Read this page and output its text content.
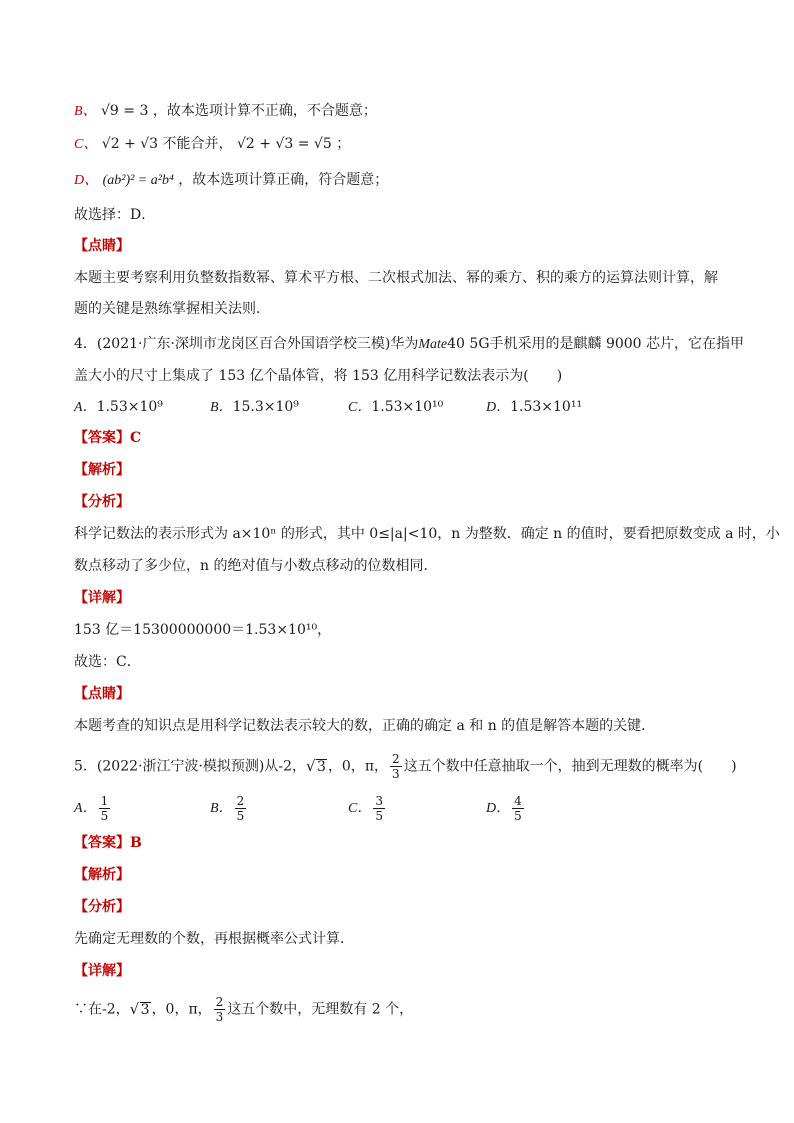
B、 √9 = 3 ，故本选项计算不正确，不合题意；
C、 √2 + √3 不能合并， √2 + √3 = √5 ；
D、 (ab²)² = a²b⁴ ，故本选项计算正确，符合题意；
故选择：D．
【点睛】
本题主要考察利用负整数指数幂、算术平方根、二次根式加法、幂的乘方、积的乘方的运算法则计算，解
题的关键是熟练掌握相关法则．
4．(2021·广东·深圳市龙岗区百合外国语学校三模)华为Mate40 5G手机采用的是麒麟 9000 芯片，它在指甲
盖大小的尺寸上集成了 153 亿个晶体管，将 153 亿用科学记数法表示为(　　)
A．1.53×10⁹	B．15.3×10⁹	C．1.53×10¹⁰	D．1.53×10¹¹
【答案】C
【解析】
【分析】
科学记数法的表示形式为 a×10ⁿ 的形式，其中 0≤|a|<10，n 为整数．确定 n 的值时，要看把原数变成 a 时，小
数点移动了多少位，n 的绝对值与小数点移动的位数相同．
【详解】
153 亿＝15300000000＝1.53×10¹⁰，
故选：C．
【点睛】
本题考查的知识点是用科学记数法表示较大的数，正确的确定 a 和 n 的值是解答本题的关键．
5．(2022·浙江宁波·模拟预测)从-2， √ 3 ，0，π， $\frac{2}{3}$ 这五个数中任意抽取一个，抽到无理数的概率为(　　)
A． $\frac{1}{5}$	B． $\frac{2}{5}$	C． $\frac{3}{5}$	D． $\frac{4}{5}$
【答案】B
【解析】
【分析】
先确定无理数的个数，再根据概率公式计算．
【详解】
∵在-2， √ 3 ，0，π， $\frac{2}{3}$ 这五个数中，无理数有 2 个，
